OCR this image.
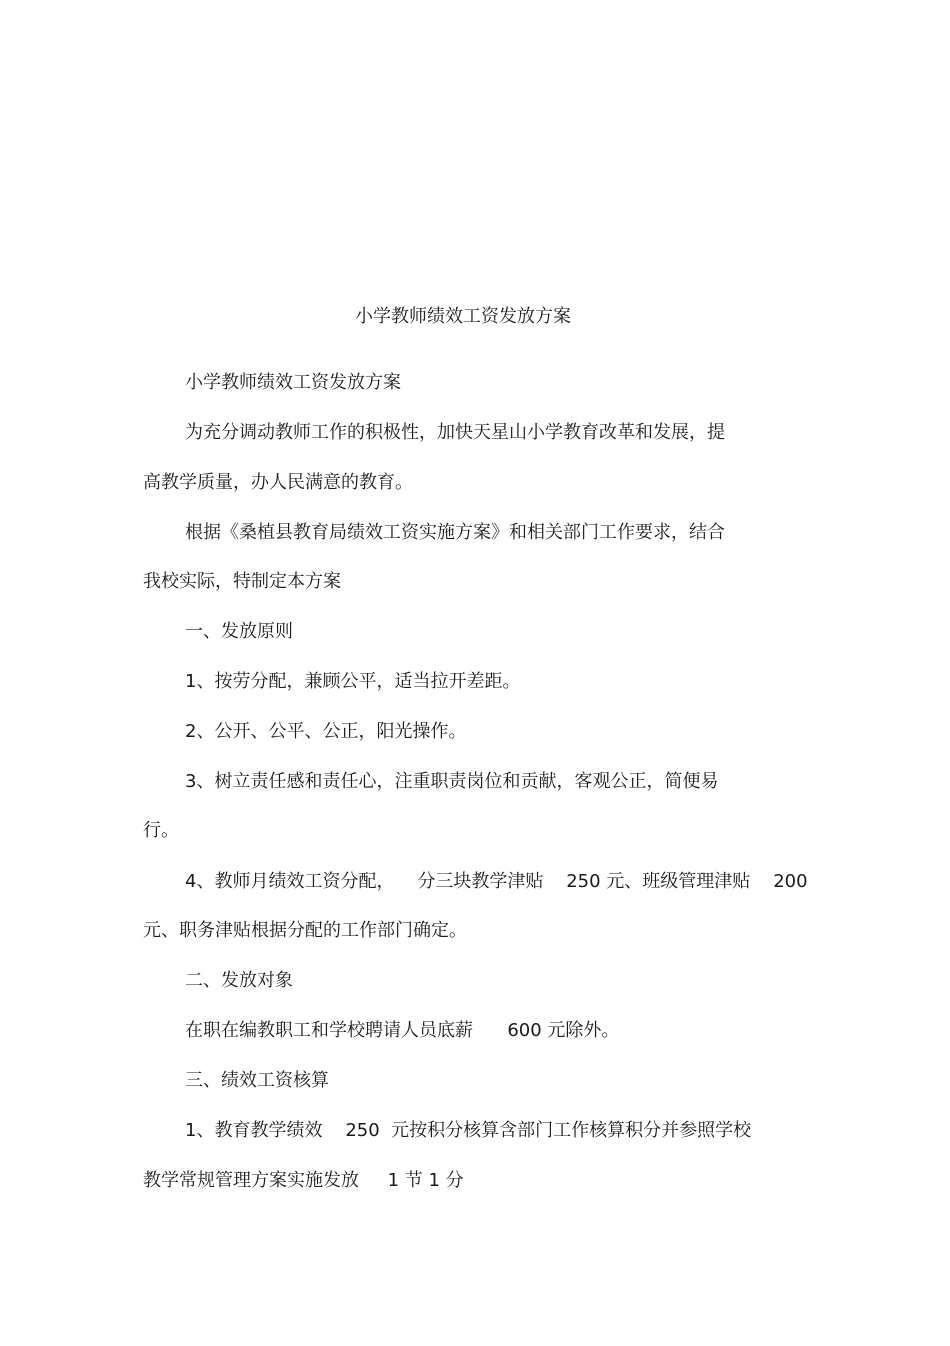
小学教师绩效工资发放方案
小学教师绩效工资发放方案
为充分调动教师工作的积极性，加快天星山小学教育改革和发展，提
高教学质量，办人民满意的教育。
根据《桑植县教育局绩效工资实施方案》和相关部门工作要求，结合
我校实际，特制定本方案
一、发放原则
1、按劳分配，兼顾公平，适当拉开差距。
2、公开、公平、公正，阳光操作。
3、树立责任感和责任心，注重职责岗位和贡献，客观公正，简便易
行。
4、教师月绩效工资分配，    分三块教学津贴    250 元、班级管理津贴    200
元、职务津贴根据分配的工作部门确定。
二、发放对象
在职在编教职工和学校聘请人员底薪      600 元除外。
三、绩效工资核算
1、教育教学绩效    250  元按积分核算含部门工作核算积分并参照学校
教学常规管理方案实施发放     1 节 1 分
